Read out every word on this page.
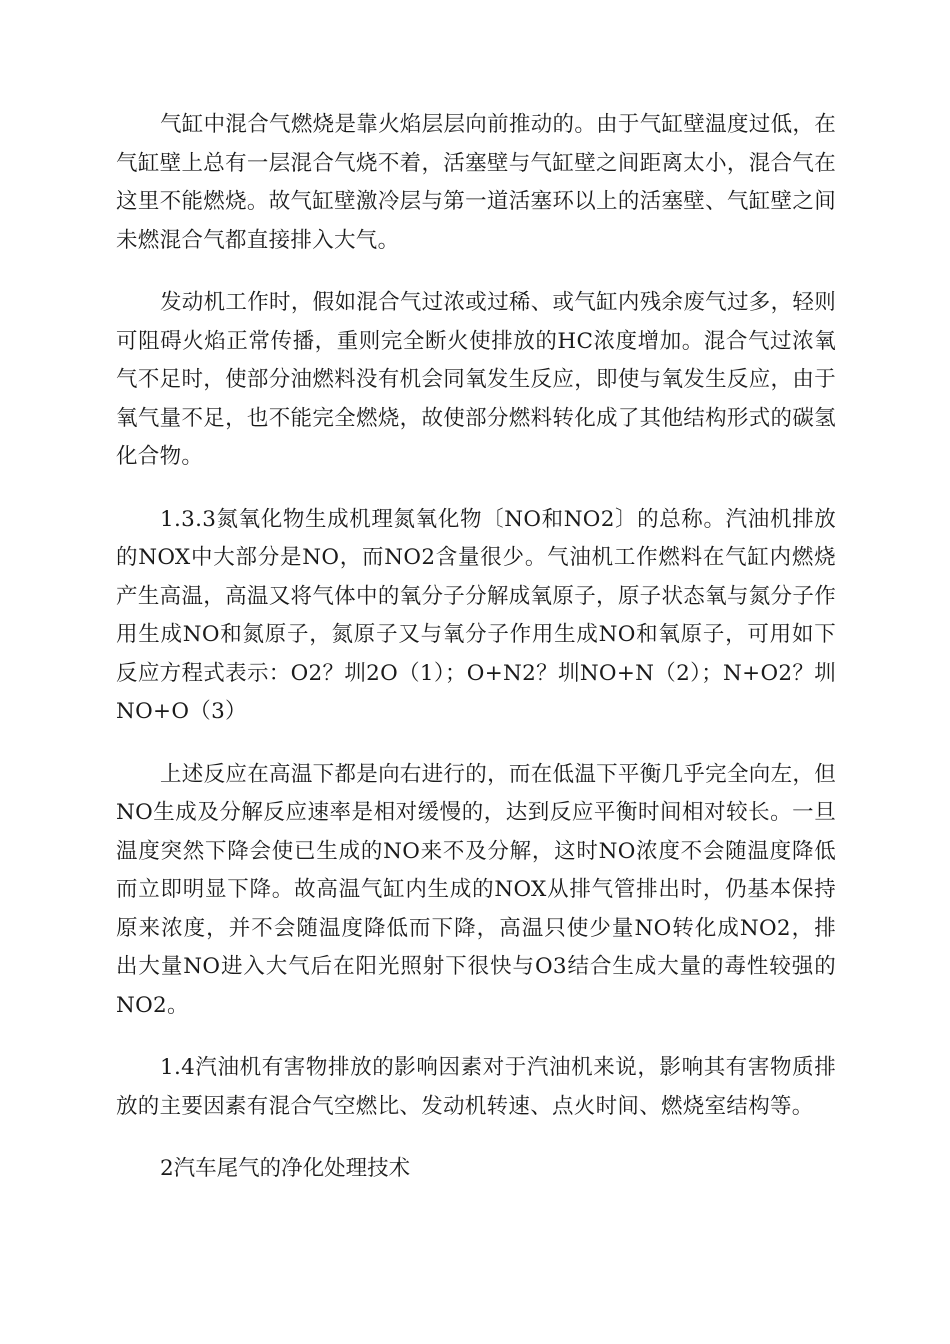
气缸中混合气燃烧是靠火焰层层向前推动的。由于气缸壁温度过低，在气缸壁上总有一层混合气烧不着，活塞壁与气缸壁之间距离太小，混合气在这里不能燃烧。故气缸壁激冷层与第一道活塞环以上的活塞壁、气缸壁之间未燃混合气都直接排入大气。

发动机工作时，假如混合气过浓或过稀、或气缸内残余废气过多，轻则可阻碍火焰正常传播，重则完全断火使排放的HC浓度增加。混合气过浓氧气不足时，使部分油燃料没有机会同氧发生反应，即使与氧发生反应，由于氧气量不足，也不能完全燃烧，故使部分燃料转化成了其他结构形式的碳氢化合物。

1.3.3氮氧化物生成机理氮氧化物〔NO和NO2〕的总称。汽油机排放的NOX中大部分是NO，而NO2含量很少。气油机工作燃料在气缸内燃烧产生高温，高温又将气体中的氧分子分解成氧原子，原子状态氧与氮分子作用生成NO和氮原子，氮原子又与氧分子作用生成NO和氧原子，可用如下反应方程式表示：O2？圳2O（1）；O+N2？圳NO+N（2）；N+O2？圳NO+O（3）

上述反应在高温下都是向右进行的，而在低温下平衡几乎完全向左，但NO生成及分解反应速率是相对缓慢的，达到反应平衡时间相对较长。一旦温度突然下降会使已生成的NO来不及分解，这时NO浓度不会随温度降低而立即明显下降。故高温气缸内生成的NOX从排气管排出时，仍基本保持原来浓度，并不会随温度降低而下降，高温只使少量NO转化成NO2，排出大量NO进入大气后在阳光照射下很快与O3结合生成大量的毒性较强的NO2。

1.4汽油机有害物排放的影响因素对于汽油机来说，影响其有害物质排放的主要因素有混合气空燃比、发动机转速、点火时间、燃烧室结构等。

2汽车尾气的净化处理技术
